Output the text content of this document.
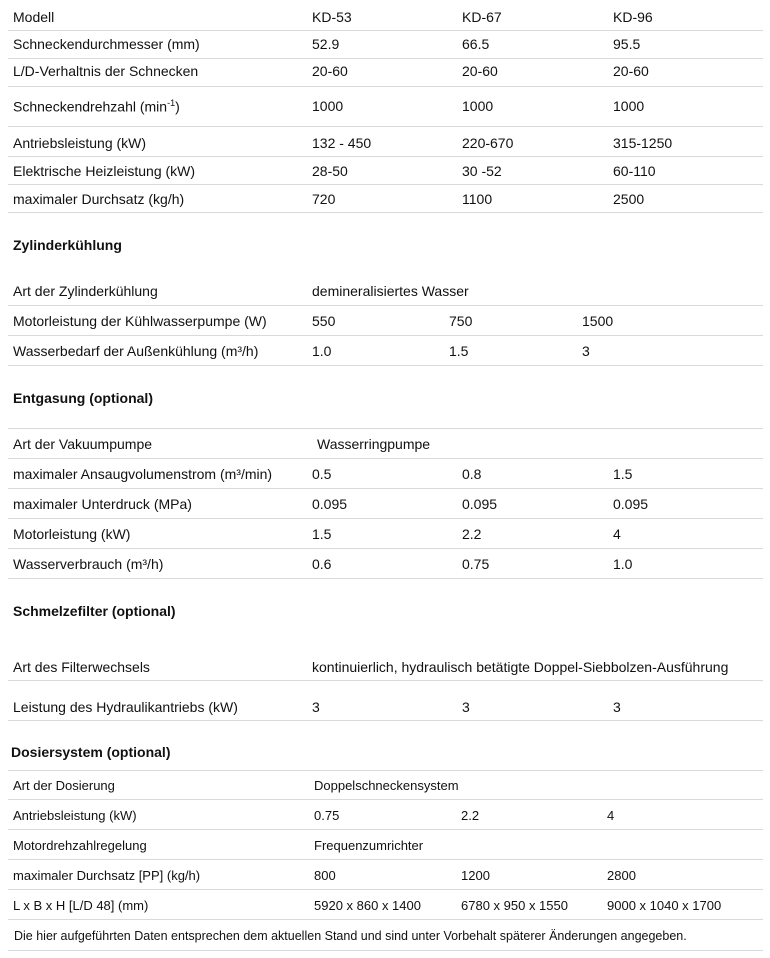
Modell	KD-53	KD-67	KD-96
Schneckendurchmesser (mm)	52.9	66.5	95.5
L/D-Verhaltnis der Schnecken	20-60	20-60	20-60
Schneckendrehzahl $(\min^{-1})$	1000	1000	1000
Antriebsleistung (kW)	132 - 450	220-670	315-1250
Elektrische Heizleistung (kW)	28-50	30 -52	60-110
maximaler Durchsatz (kg/h)	720	1100	2500
Zylinderkühlung
Art der Zylinderkühlung	demineralisiertes Wasser
Motorleistung der Kühlwasserpumpe (W)	550	750	1500
Wasserbedarf der Außenkühlung (m³/h)	1.0	1.5	3
Entgasung (optional)
Art der Vakuumpumpe	Wasserringpumpe
maximaler Ansaugvolumenstrom (m³/min)	0.5	0.8	1.5
maximaler Unterdruck (MPa)	0.095	0.095	0.095
Motorleistung (kW)	1.5	2.2	4
Wasserverbrauch (m³/h)	0.6	0.75	1.0
Schmelzefilter (optional)
Art des Filterwechsels	kontinuierlich, hydraulisch betätigte Doppel-Siebbolzen-Ausführung
Leistung des Hydraulikantriebs (kW)	3	3	3
Dosiersystem (optional)
Art der Dosierung	Doppelschneckensystem
Antriebsleistung (kW)	0.75	2.2	4
Motordrehzahlregelung	Frequenzumrichter
maximaler Durchsatz [PP] (kg/h)	800	1200	2800
L x B x H [L/D 48] (mm)	5920 x 860 x 1400	6780 x 950 x 1550	9000 x 1040 x 1700
Die hier aufgeführten Daten entsprechen dem aktuellen Stand und sind unter Vorbehalt späterer Änderungen angegeben.
